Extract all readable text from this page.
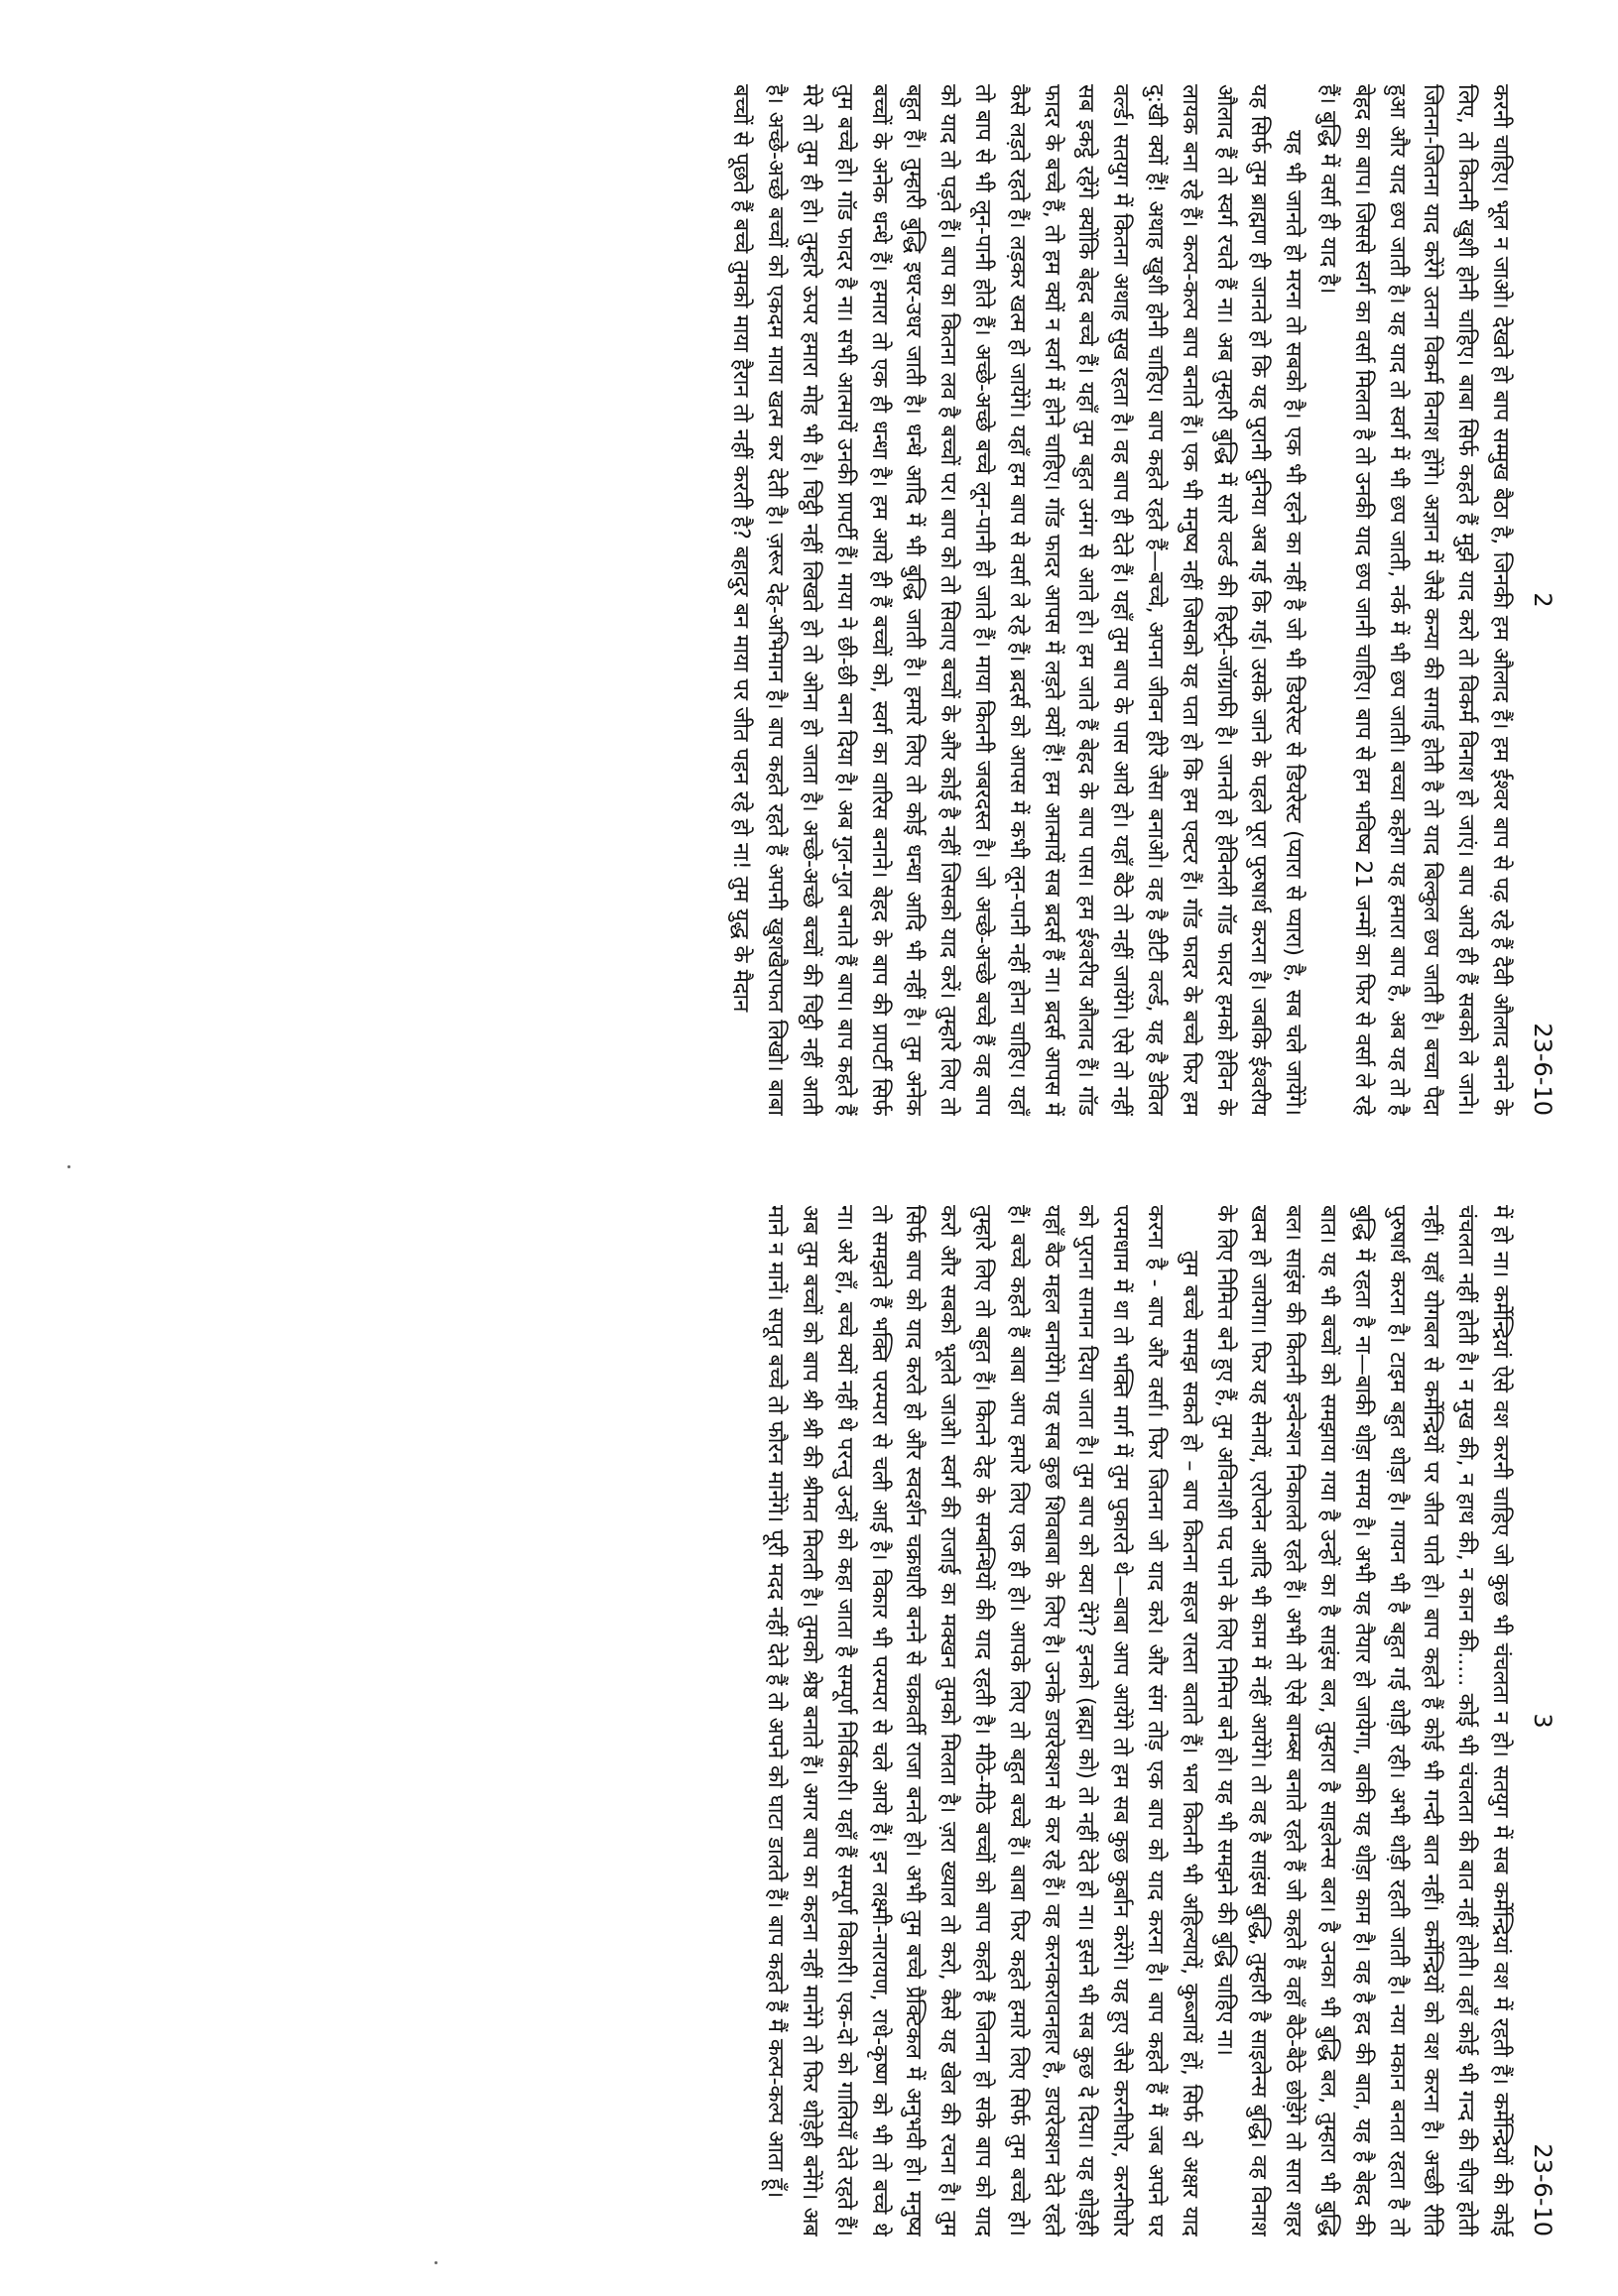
2
23-6-10

करनी चाहिए। भूल न जाओ। देखते हो बाप सम्मुख बैठा है, जिनकी हम औलाद हैं। हम ईश्वर बाप से पढ़ रहे हैं दैवी औलाद बनने के लिए, तो कितनी खुशी होनी चाहिए। बाबा सिर्फ कहते हैं मुझे याद करो तो विकर्म विनाश हो जाएं। बाप आये ही हैं सबको ले जाने। जितना-जितना याद करेंगे उतना विकर्म विनाश होंगे। अज्ञान में जैसे कन्या की सगाई होती है तो याद बिल्कुल छप जाती है। बच्चा पैदा हुआ और याद छप जाती है। यह याद तो स्वर्ग में भी छप जाती, नर्क में भी छप जाती। बच्चा कहेगा यह हमारा बाप है, अब यह तो है बेहद का बाप। जिससे स्वर्ग का वर्सा मिलता है तो उनकी याद छप जानी चाहिए। बाप से हम भविष्य 21 जन्मों का फिर से वर्सा ले रहे हैं। बुद्धि में वर्सा ही याद है।

यह भी जानते हो मरना तो सबको है। एक भी रहने का नहीं है जो भी डियरेस्ट से डियरेस्ट (प्यारा से प्यारा) है, सब चले जायेंगे। यह सिर्फ तुम ब्राह्मण ही जानते हो कि यह पुरानी दुनिया अब गई कि गई। उसके जाने के पहले पूरा पुरुषार्थ करना है। जबकि ईश्वरीय औलाद हैं तो स्वर्ग रचते हैं ना। अब तुम्हारी बुद्धि में सारे वर्ल्ड की हिस्ट्री-जॉग्राफी है। जानते हो हेविनली गॉड फादर हमको हेविन के लायक बना रहे हैं। कल्प-कल्प बाप बनाते हैं। एक भी मनुष्य नहीं जिसको यह पता हो कि हम एक्टर हैं। गॉड फादर के बच्चे फिर हम दु:खी क्यों हैं! अथाह खुशी होनी चाहिए। बाप कहते रहते हैं—बच्चे, अपना जीवन हीरे जैसा बनाओ। वह है डीटी वर्ल्ड, यह है डेविल वर्ल्ड। सतयुग में कितना अथाह सुख रहता है। वह बाप ही देते हैं। यहाँ तुम बाप के पास आये हो। यहाँ बैठे तो नहीं जायेंगे। ऐसे तो नहीं सब इकट्ठे रहेंगे क्योंकि बेहद बच्चे हैं। यहाँ तुम बहुत उमंग से आते हो। हम जाते हैं बेहद के बाप पास। हम ईश्वरीय औलाद हैं। गॉड फादर के बच्चे हैं, तो हम क्यों न स्वर्ग में होने चाहिए। गॉड फादर आपस में लड़ते क्यों हैं! हम आत्मायें सब ब्रदर्स हैं ना। ब्रदर्स आपस में कैसे लड़ते रहते हैं। लड़कर खत्म हो जायेंगे। यहाँ हम बाप से वर्सा ले रहे हैं। ब्रदर्स को आपस में कभी लून-पानी नहीं होना चाहिए। यहाँ तो बाप से भी लून-पानी होते हैं। अच्छे-अच्छे बच्चे लून-पानी हो जाते हैं। माया कितनी जबरदस्त है। जो अच्छे-अच्छे बच्चे हैं वह बाप को याद तो पड़ते हैं। बाप का कितना लव है बच्चों पर। बाप को तो सिवाए बच्चों के और कोई है नहीं जिसको याद करें। तुम्हारे लिए तो बहुत हैं। तुम्हारी बुद्धि इधर-उधर जाती है। धन्धे आदि में भी बुद्धि जाती है। हमारे लिए तो कोई धन्धा आदि भी नहीं है। तुम अनेक बच्चों के अनेक धन्धे हैं। हमारा तो एक ही धन्धा है। हम आये ही हैं बच्चों को, स्वर्ग का वारिस बनाने। बेहद के बाप की प्रापर्टी सिर्फ तुम बच्चे हो। गॉड फादर है ना। सभी आत्मायें उनकी प्रापर्टी हैं। माया ने छी-छी बना दिया है। अब गुल-गुल बनाते हैं बाप। बाप कहते हैं मेरे तो तुम ही हो। तुम्हारे ऊपर हमारा मोह भी है। चिट्ठी नहीं लिखते हो तो ओना हो जाता है। अच्छे-अच्छे बच्चों की चिट्ठी नहीं आती है। अच्छे-अच्छे बच्चों को एकदम माया खत्म कर देती है। ज़रूर देह-अभिमान है। बाप कहते रहते हैं अपनी खुशखैराफत लिखो। बाबा बच्चों से पूछते हैं बच्चे तुमको माया हैरान तो नहीं करती है? बहादुर बन माया पर जीत पहन रहे हो ना! तुम युद्ध के मैदान

3
23-6-10

में हो ना। कर्मेन्द्रियां ऐसे वश करनी चाहिए जो कुछ भी चंचलता न हो। सतयुग में सब कर्मेन्द्रियां वश में रहती हैं। कर्मेन्द्रियों की कोई चंचलता नहीं होती है। न मुख की, न हाथ की, न कान की..... कोई भी चंचलता की बात नहीं होती। वहाँ कोई भी गन्द की चीज़ होती नहीं। यहाँ योगबल से कर्मेन्द्रियों पर जीत पाते हो। बाप कहते हैं कोई भी गन्दी बात नहीं। कर्मेन्द्रियों को वश करना है। अच्छी रीति पुरुषार्थ करना है। टाइम बहुत थोड़ा है। गायन भी है बहुत गई थोड़ी रही। अभी थोड़ी रहती जाती है। नया मकान बनता रहता है तो बुद्धि में रहता है ना—बाकी थोड़ा समय है। अभी यह तैयार हो जायेगा, बाकी यह थोड़ा काम है। वह है हद की बात, यह है बेहद की बात। यह भी बच्चों को समझाया गया है उन्हों का है साइंस बल, तुम्हारा है साइलेन्स बल। है उनका भी बुद्धि बल, तुम्हारा भी बुद्धि बल। साइंस की कितनी इन्वेन्शन निकालते रहते हैं। अभी तो ऐसे बाम्ब्स बनाते रहते हैं जो कहते हैं वहाँ बैठे-बैठे छोड़ेंगे तो सारा शहर खत्म हो जायेगा। फिर यह सेनायें, एरोप्लेन आदि भी काम में नहीं आयेंगे। तो वह है साइंस बुद्धि, तुम्हारी है साइलेन्स बुद्धि। वह विनाश के लिए निमित्त बने हुए हैं, तुम अविनाशी पद पाने के लिए निमित्त बने हो। यह भी समझने की बुद्धि चाहिए ना।

तुम बच्चे समझ सकते हो – बाप कितना सहज रास्ता बताते हैं। भल कितनी भी अहिल्यायें, कुब्जायें हों, सिर्फ दो अक्षर याद करना है - बाप और वर्सा। फिर जितना जो याद करे। और संग तोड़ एक बाप को याद करना है। बाप कहते हैं मैं जब अपने घर परमधाम में था तो भक्ति मार्ग में तुम पुकारते थे—बाबा आप आयेंगे तो हम सब कुछ कुर्बान करेंगे। यह हुए जैसे करनीघोर, करनीघोर को पुराना सामान दिया जाता है। तुम बाप को क्या देंगे? इनको (ब्रह्मा को) तो नहीं देते हो ना। इसने भी सब कुछ दे दिया। यह थोड़ेही यहाँ बैठ महल बनायेंगे। यह सब कुछ शिवबाबा के लिए है। उनके डायरेक्शन से कर रहे हैं। वह करनकरावनहार है, डायरेक्शन देते रहते हैं। बच्चे कहते हैं बाबा आप हमारे लिए एक ही हो। आपके लिए तो बहुत बच्चे हैं। बाबा फिर कहते हमारे लिए सिर्फ तुम बच्चे हो। तुम्हारे लिए तो बहुत हैं। कितने देह के सम्बन्धियों की याद रहती है। मीठे-मीठे बच्चों को बाप कहते हैं जितना हो सके बाप को याद करो और सबको भूलते जाओ। स्वर्ग की राजाई का मक्खन तुमको मिलता है। ज़रा ख्याल तो करो, कैसे यह खेल की रचना है। तुम सिर्फ बाप को याद करते हो और स्वदर्शन चक्रधारी बनने से चक्रवर्ती राजा बनते हो। अभी तुम बच्चे प्रैक्टिकल में अनुभवी हो। मनुष्य तो समझते हैं भक्ति परम्परा से चली आई है। विकार भी परम्परा से चले आये हैं। इन लक्ष्मी-नारायण, राधे-कृष्ण को भी तो बच्चे थे ना। अरे हाँ, बच्चे क्यों नहीं थे परन्तु उन्हों को कहा जाता है सम्पूर्ण निर्विकारी। यहाँ हैं सम्पूर्ण विकारी। एक-दो को गालियाँ देते रहते हैं। अब तुम बच्चों को बाप श्री श्री की श्रीमत मिलती है। तुमको श्रेष्ठ बनाते हैं। अगर बाप का कहना नहीं मानेंगे तो फिर थोड़ेही बनेंगे। अब माने न मानें। सपूत बच्चे तो फौरन मानेंगे। पूरी मदद नहीं देते हैं तो अपने को घाटा डालते हैं। बाप कहते हैं मैं कल्प-कल्प आता हूँ।
